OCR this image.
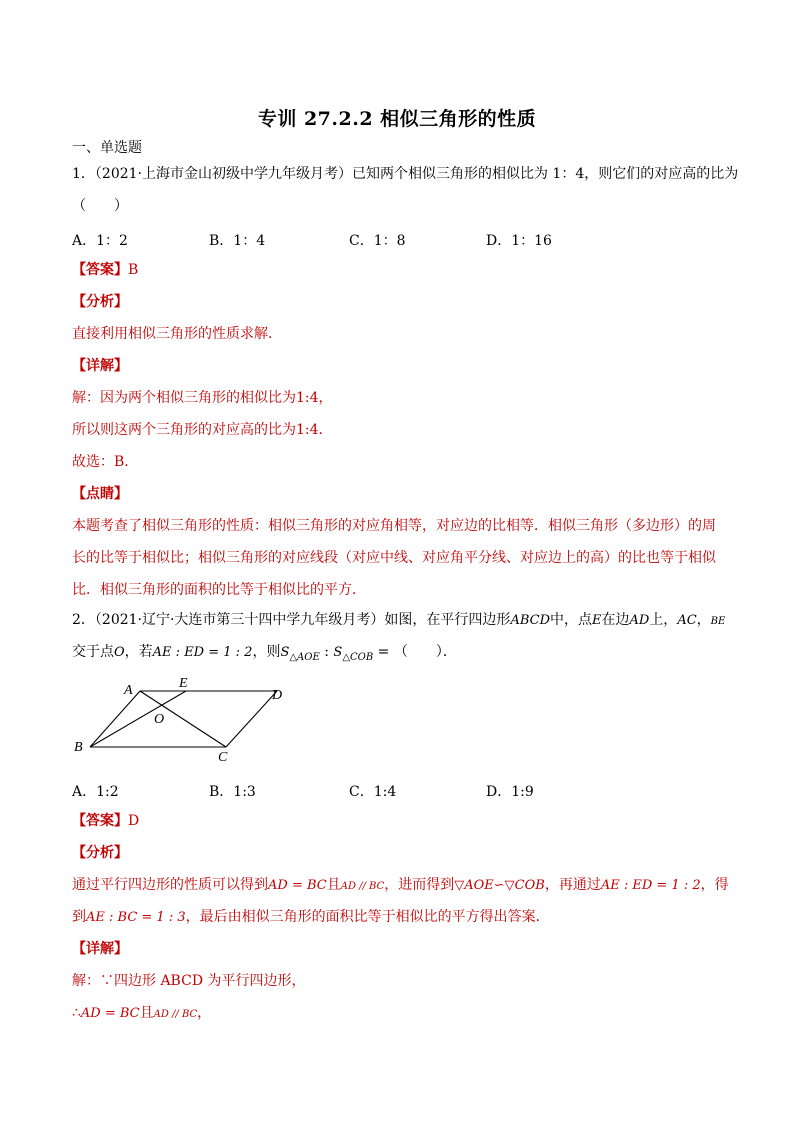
专训 27.2.2 相似三角形的性质
一、单选题
1．（2021·上海市金山初级中学九年级月考）已知两个相似三角形的相似比为 1：4，则它们的对应高的比为
（　　）
A．1：2	B．1：4	C．1：8	D．1：16
【答案】B
【分析】
直接利用相似三角形的性质求解．
【详解】
解：因为两个相似三角形的相似比为1:4，
所以则这两个三角形的对应高的比为1:4．
故选：B．
【点睛】
本题考查了相似三角形的性质：相似三角形的对应角相等，对应边的比相等．相似三角形（多边形）的周
长的比等于相似比；相似三角形的对应线段（对应中线、对应角平分线、对应边上的高）的比也等于相似
比．相似三角形的面积的比等于相似比的平方．
2．（2021·辽宁·大连市第三十四中学九年级月考）如图，在平行四边形ABCD中，点E在边AD上，AC，BE
交于点O，若AE : ED = 1 : 2，则$S_{\triangle AOE}$ : $S_{\triangle COB}$ = （　　）．
A	E
D
O
B
C
A．1:2	B．1:3	C．1:4	D．1:9
【答案】D
【分析】
通过平行四边形的性质可以得到AD = BC且AD // BC，进而得到▽AOE∽▽COB，再通过AE : ED = 1 : 2，得
到AE : BC = 1 : 3，最后由相似三角形的面积比等于相似比的平方得出答案．
【详解】
解：∵四边形 ABCD 为平行四边形，
∴AD = BC且AD // BC，
